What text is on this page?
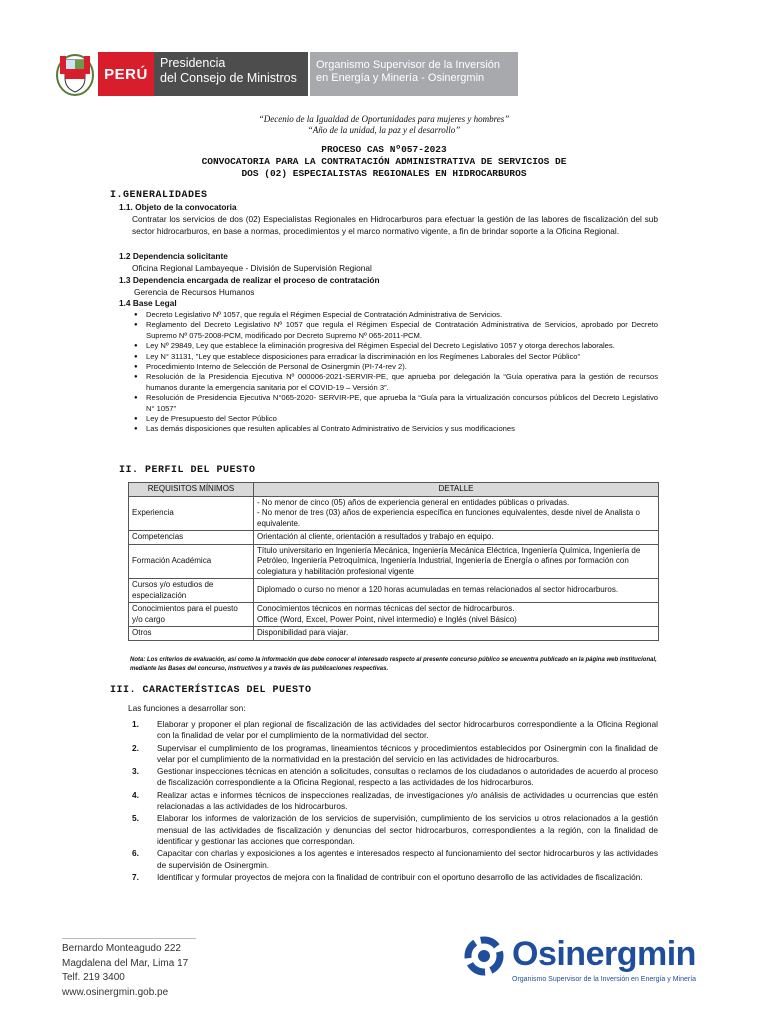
PERÚ
Presidencia
del Consejo de Ministros
Organismo Supervisor de la Inversión
en Energía y Minería - Osinergmin
“Decenio de la Igualdad de Oportunidades para mujeres y hombres”
“Año de la unidad, la paz y el desarrollo”
PROCESO CAS Nº057-2023
CONVOCATORIA PARA LA CONTRATACIÓN ADMINISTRATIVA DE SERVICIOS DE
DOS (02) ESPECIALISTAS REGIONALES EN HIDROCARBUROS
I.GENERALIDADES
1.1. Objeto de la convocatoria
Contratar los servicios de dos (02) Especialistas Regionales en Hidrocarburos para efectuar la gestión de las labores de fiscalización del sub sector hidrocarburos, en base a normas, procedimientos y el marco normativo vigente, a fin de brindar soporte a la Oficina Regional.
1.2 Dependencia solicitante
Oficina Regional Lambayeque - División de Supervisión Regional
1.3 Dependencia encargada de realizar el proceso de contratación
Gerencia de Recursos Humanos
1.4 Base Legal
● Decreto Legislativo Nº 1057, que regula el Régimen Especial de Contratación Administrativa de Servicios.
● Reglamento del Decreto Legislativo Nº 1057 que regula el Régimen Especial de Contratación Administrativa de Servicios, aprobado por Decreto Supremo Nº 075-2008-PCM, modificado por Decreto Supremo Nº 065-2011-PCM.
● Ley Nº 29849, Ley que establece la eliminación progresiva del Régimen Especial del Decreto Legislativo 1057 y otorga derechos laborales.
● Ley N° 31131, "Ley que establece disposiciones para erradicar la discriminación en los Regímenes Laborales del Sector Público"
● Procedimiento Interno de Selección de Personal de Osinergmin (PI-74-rev 2).
● Resolución de la Presidencia Ejecutiva Nº 000006-2021-SERVIR-PE, que aprueba por delegación la “Guía operativa para la gestión de recursos humanos durante la emergencia sanitaria por el COVID-19 – Versión 3”.
● Resolución de Presidencia Ejecutiva N°065-2020- SERVIR-PE, que aprueba la “Guía para la virtualización concursos públicos del Decreto Legislativo N° 1057”
● Ley de Presupuesto del Sector Público
● Las demás disposiciones que resulten aplicables al Contrato Administrativo de Servicios y sus modificaciones
II. PERFIL DEL PUESTO
REQUISITOS MÍNIMOS	DETALLE
Experiencia	- No menor de cinco (05) años de experiencia general en entidades públicas o privadas.
- No menor de tres (03) años de experiencia específica en funciones equivalentes, desde nivel de Analista o equivalente.
Competencias	Orientación al cliente, orientación a resultados y trabajo en equipo.
Formación Académica	Título universitario en Ingeniería Mecánica, Ingeniería Mecánica Eléctrica, Ingeniería Química, Ingeniería de Petróleo, Ingeniería Petroquímica, Ingeniería Industrial, Ingeniería de Energía o afines por formación con colegiatura y habilitación profesional vigente
Cursos y/o estudios de especialización	Diplomado o curso no menor a 120 horas acumuladas en temas relacionados al sector hidrocarburos.
Conocimientos para el puesto y/o cargo	Conocimientos técnicos en normas técnicas del sector de hidrocarburos.
Office (Word, Excel, Power Point, nivel intermedio) e Inglés (nivel Básico)
Otros	Disponibilidad para viajar.
Nota: Los criterios de evaluación, así como la información que debe conocer el interesado respecto al presente concurso público se encuentra publicado en la página web institucional, mediante las Bases del concurso, instructivos y a través de las publicaciones respectivas.
III. CARACTERÍSTICAS DEL PUESTO
Las funciones a desarrollar son:
1. Elaborar y proponer el plan regional de fiscalización de las actividades del sector hidrocarburos correspondiente a la Oficina Regional con la finalidad de velar por el cumplimiento de la normatividad del sector.
2. Supervisar el cumplimiento de los programas, lineamientos técnicos y procedimientos establecidos por Osinergmin con la finalidad de velar por el cumplimiento de la normatividad en la prestación del servicio en las actividades de hidrocarburos.
3. Gestionar inspecciones técnicas en atención a solicitudes, consultas o reclamos de los ciudadanos o autoridades de acuerdo al proceso de fiscalización correspondiente a la Oficina Regional, respecto a las actividades de los hidrocarburos.
4. Realizar actas e informes técnicos de inspecciones realizadas, de investigaciones y/o análisis de actividades u ocurrencias que estén relacionadas a las actividades de los hidrocarburos.
5. Elaborar los informes de valorización de los servicios de supervisión, cumplimiento de los servicios u otros relacionados a la gestión mensual de las actividades de fiscalización y denuncias del sector hidrocarburos, correspondientes a la región, con la finalidad de identificar y gestionar las acciones que correspondan.
6. Capacitar con charlas y exposiciones a los agentes e interesados respecto al funcionamiento del sector hidrocarburos y las actividades de supervisión de Osinergmin.
7. Identificar y formular proyectos de mejora con la finalidad de contribuir con el oportuno desarrollo de las actividades de fiscalización.
Bernardo Monteagudo 222
Magdalena del Mar, Lima 17
Telf. 219 3400
www.osinergmin.gob.pe
Osinergmin
Organismo Supervisor de la Inversión en Energía y Minería
